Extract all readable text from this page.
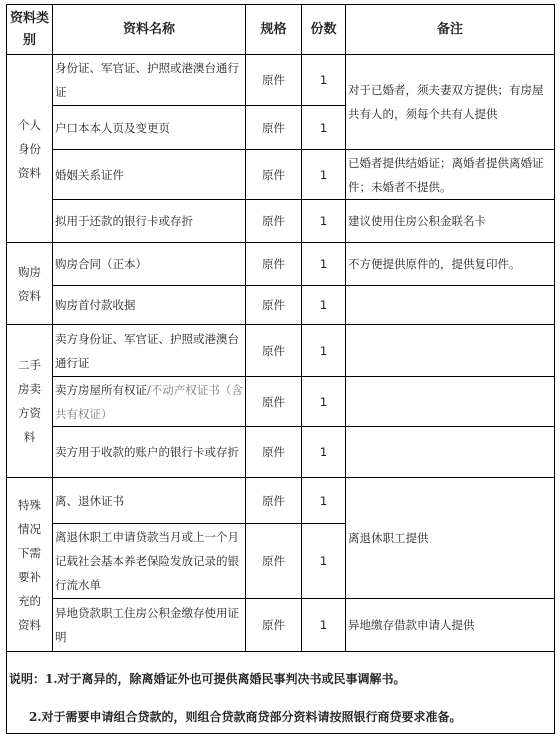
资料类别	资料名称	规格	份数	备注
个人身份资料	身份证、军官证、护照或港澳台通行证	原件	1	对于已婚者，须夫妻双方提供；有房屋共有人的，须每个共有人提供
	户口本本人页及变更页	原件	1	
	婚姻关系证件	原件	1	已婚者提供结婚证；离婚者提供离婚证件；未婚者不提供。
	拟用于还款的银行卡或存折	原件	1	建议使用住房公积金联名卡
购房资料	购房合同（正本）	原件	1	不方便提供原件的，提供复印件。
	购房首付款收据	原件	1	
二手房卖方资料	卖方身份证、军官证、护照或港澳台通行证	原件	1	
	卖方房屋所有权证/不动产权证书（含共有权证）	原件	1	
	卖方用于收款的账户的银行卡或存折	原件	1	
特殊情况下需要补充的资料	离、退休证书	原件	1	离退休职工提供
	离退休职工申请贷款当月或上一个月记载社会基本养老保险发放记录的银行流水单	原件	1	
	异地贷款职工住房公积金缴存使用证明	原件	1	异地缴存借款申请人提供

说明：1.对于离异的，除离婚证外也可提供离婚民事判决书或民事调解书。
2.对于需要申请组合贷款的，则组合贷款商贷部分资料请按照银行商贷要求准备。				
